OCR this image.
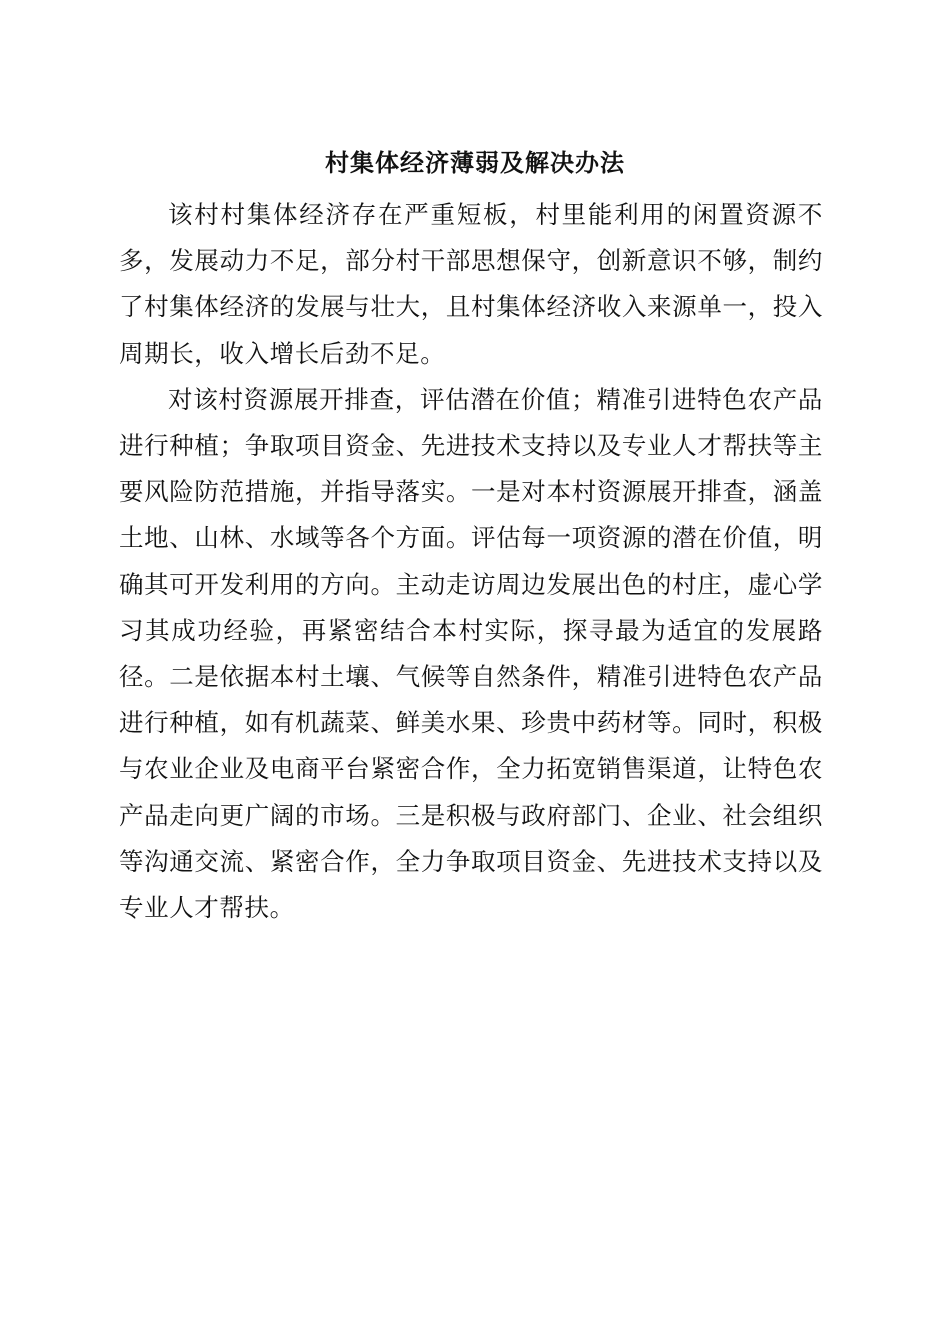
村集体经济薄弱及解决办法

该村村集体经济存在严重短板，村里能利用的闲置资源不多，发展动力不足，部分村干部思想保守，创新意识不够，制约了村集体经济的发展与壮大，且村集体经济收入来源单一，投入周期长，收入增长后劲不足。

对该村资源展开排查，评估潜在价值；精准引进特色农产品进行种植；争取项目资金、先进技术支持以及专业人才帮扶等主要风险防范措施，并指导落实。一是对本村资源展开排查，涵盖土地、山林、水域等各个方面。评估每一项资源的潜在价值，明确其可开发利用的方向。主动走访周边发展出色的村庄，虚心学习其成功经验，再紧密结合本村实际，探寻最为适宜的发展路径。二是依据本村土壤、气候等自然条件，精准引进特色农产品进行种植，如有机蔬菜、鲜美水果、珍贵中药材等。同时，积极与农业企业及电商平台紧密合作，全力拓宽销售渠道，让特色农产品走向更广阔的市场。三是积极与政府部门、企业、社会组织等沟通交流、紧密合作，全力争取项目资金、先进技术支持以及专业人才帮扶。
